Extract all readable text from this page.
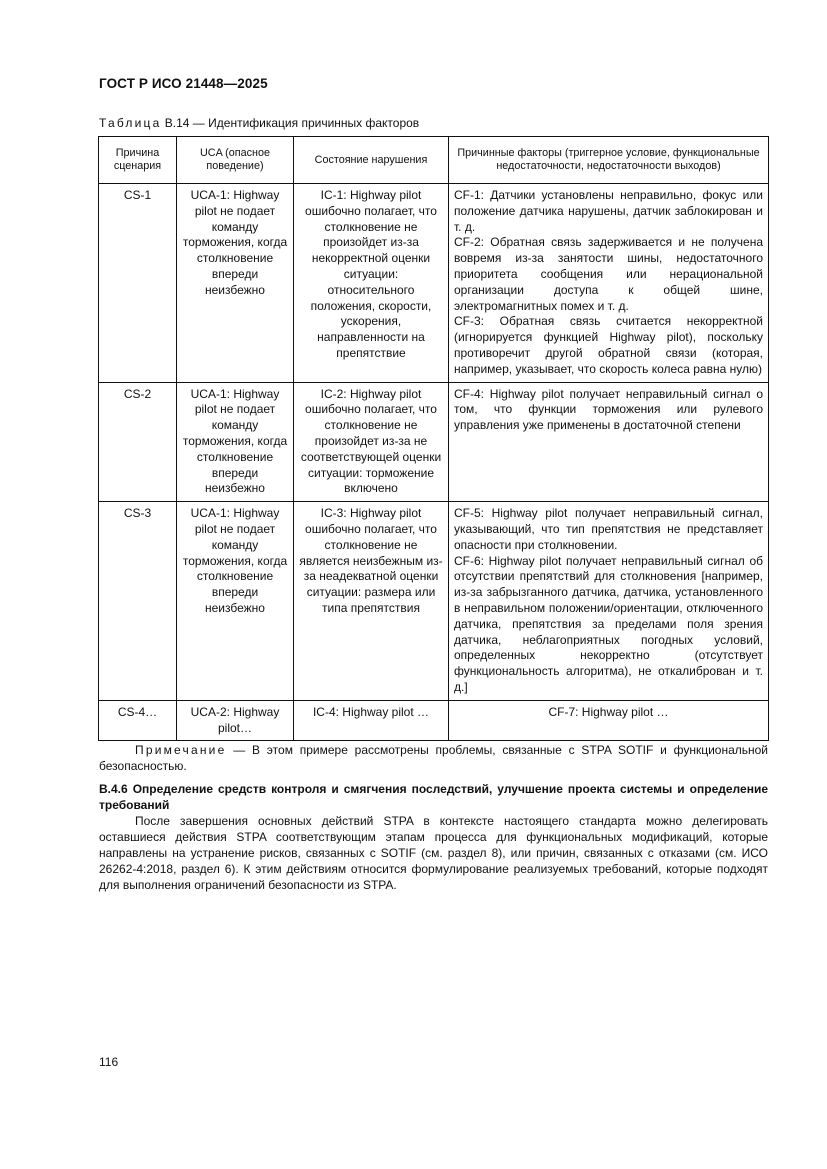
ГОСТ Р ИСО 21448—2025
Таблица B.14 — Идентификация причинных факторов
Причина сценария	UCA (опасное поведение)	Состояние нарушения	Причинные факторы (триггерное условие, функциональные недостаточности, недостаточности выходов)
CS-1	UCA-1: Highway pilot не подает команду торможения, когда столкновение впереди неизбежно	IC-1: Highway pilot ошибочно полагает, что столкновение не произойдет из-за некорректной оценки ситуации: относительного положения, скорости, ускорения, направленности на препятствие	CF-1: Датчики установлены неправильно, фокус или положение датчика нарушены, датчик заблокирован и т. д.
CF-2: Обратная связь задерживается и не получена вовремя из-за занятости шины, недостаточного приоритета сообщения или нерациональной организации доступа к общей шине, электромагнитных помех и т. д.
CF-3: Обратная связь считается некорректной (игнорируется функцией Highway pilot), поскольку противоречит другой обратной связи (которая, например, указывает, что скорость колеса равна нулю)

CS-2	UCA-1: Highway pilot не подает команду торможения, когда столкновение впереди неизбежно	IC-2: Highway pilot ошибочно полагает, что столкновение не произойдет из-за не соответствующей оценки ситуации: торможение включено	CF-4: Highway pilot получает неправильный сигнал о том, что функции торможения или рулевого управления уже применены в достаточной степени

CS-3	UCA-1: Highway pilot не подает команду торможения, когда столкновение впереди неизбежно	IC-3: Highway pilot ошибочно полагает, что столкновение не является неизбежным из-за неадекватной оценки ситуации: размера или типа препятствия	CF-5: Highway pilot получает неправильный сигнал, указывающий, что тип препятствия не представляет опасности при столкновении.
CF-6: Highway pilot получает неправильный сигнал об отсутствии препятствий для столкновения [например, из-за забрызганного датчика, датчика, установленного в неправильном положении/ориентации, отключенного датчика, препятствия за пределами поля зрения датчика, неблагоприятных погодных условий, определенных некорректно (отсутствует функциональность алгоритма), не откалиброван и т. д.]

CS-4…	UCA-2: Highway pilot…	IC-4: Highway pilot …	CF-7: Highway pilot …
Примечание — В этом примере рассмотрены проблемы, связанные с STPA SOTIF и функциональной безопасностью.
B.4.6 Определение средств контроля и смягчения последствий, улучшение проекта системы и определение требований
После завершения основных действий STPA в контексте настоящего стандарта можно делегировать оставшиеся действия STPA соответствующим этапам процесса для функциональных модификаций, которые направлены на устранение рисков, связанных с SOTIF (см. раздел 8), или причин, связанных с отказами (см. ИСО 26262-4:2018, раздел 6). К этим действиям относится формулирование реализуемых требований, которые подходят для выполнения ограничений безопасности из STPA.
116
